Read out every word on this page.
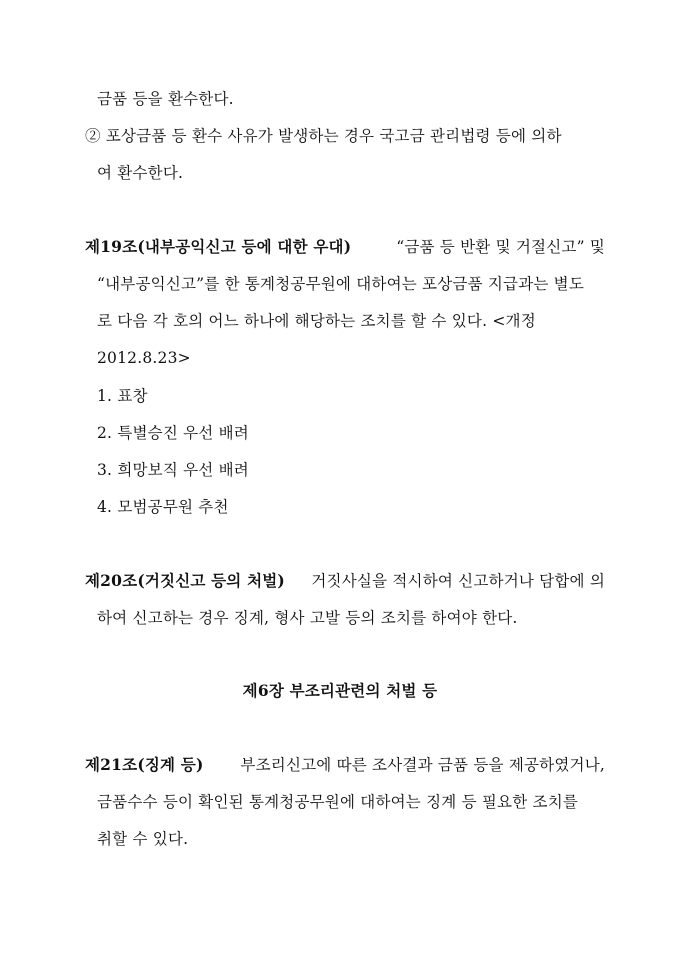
금품 등을 환수한다.
② 포상금품 등 환수 사유가 발생하는 경우 국고금 관리법령 등에 의하
여 환수한다.
제19조(내부공익신고 등에 대한 우대)	“금품 등 반환 및 거절신고” 및
“내부공익신고”를 한 통계청공무원에 대하여는 포상금품 지급과는 별도
로 다음 각 호의 어느 하나에 해당하는 조치를 할 수 있다. <개정
2012.8.23>
1. 표창
2. 특별승진 우선 배려
3. 희망보직 우선 배려
4. 모범공무원 추천
제20조(거짓신고 등의 처벌) 거짓사실을 적시하여 신고하거나 담합에 의
하여 신고하는 경우 징계, 형사 고발 등의 조치를 하여야 한다.
제6장 부조리관련의 처벌 등
제21조(징계 등) 부조리신고에 따른 조사결과 금품 등을 제공하였거나,
금품수수 등이 확인된 통계청공무원에 대하여는 징계 등 필요한 조치를
취할 수 있다.
